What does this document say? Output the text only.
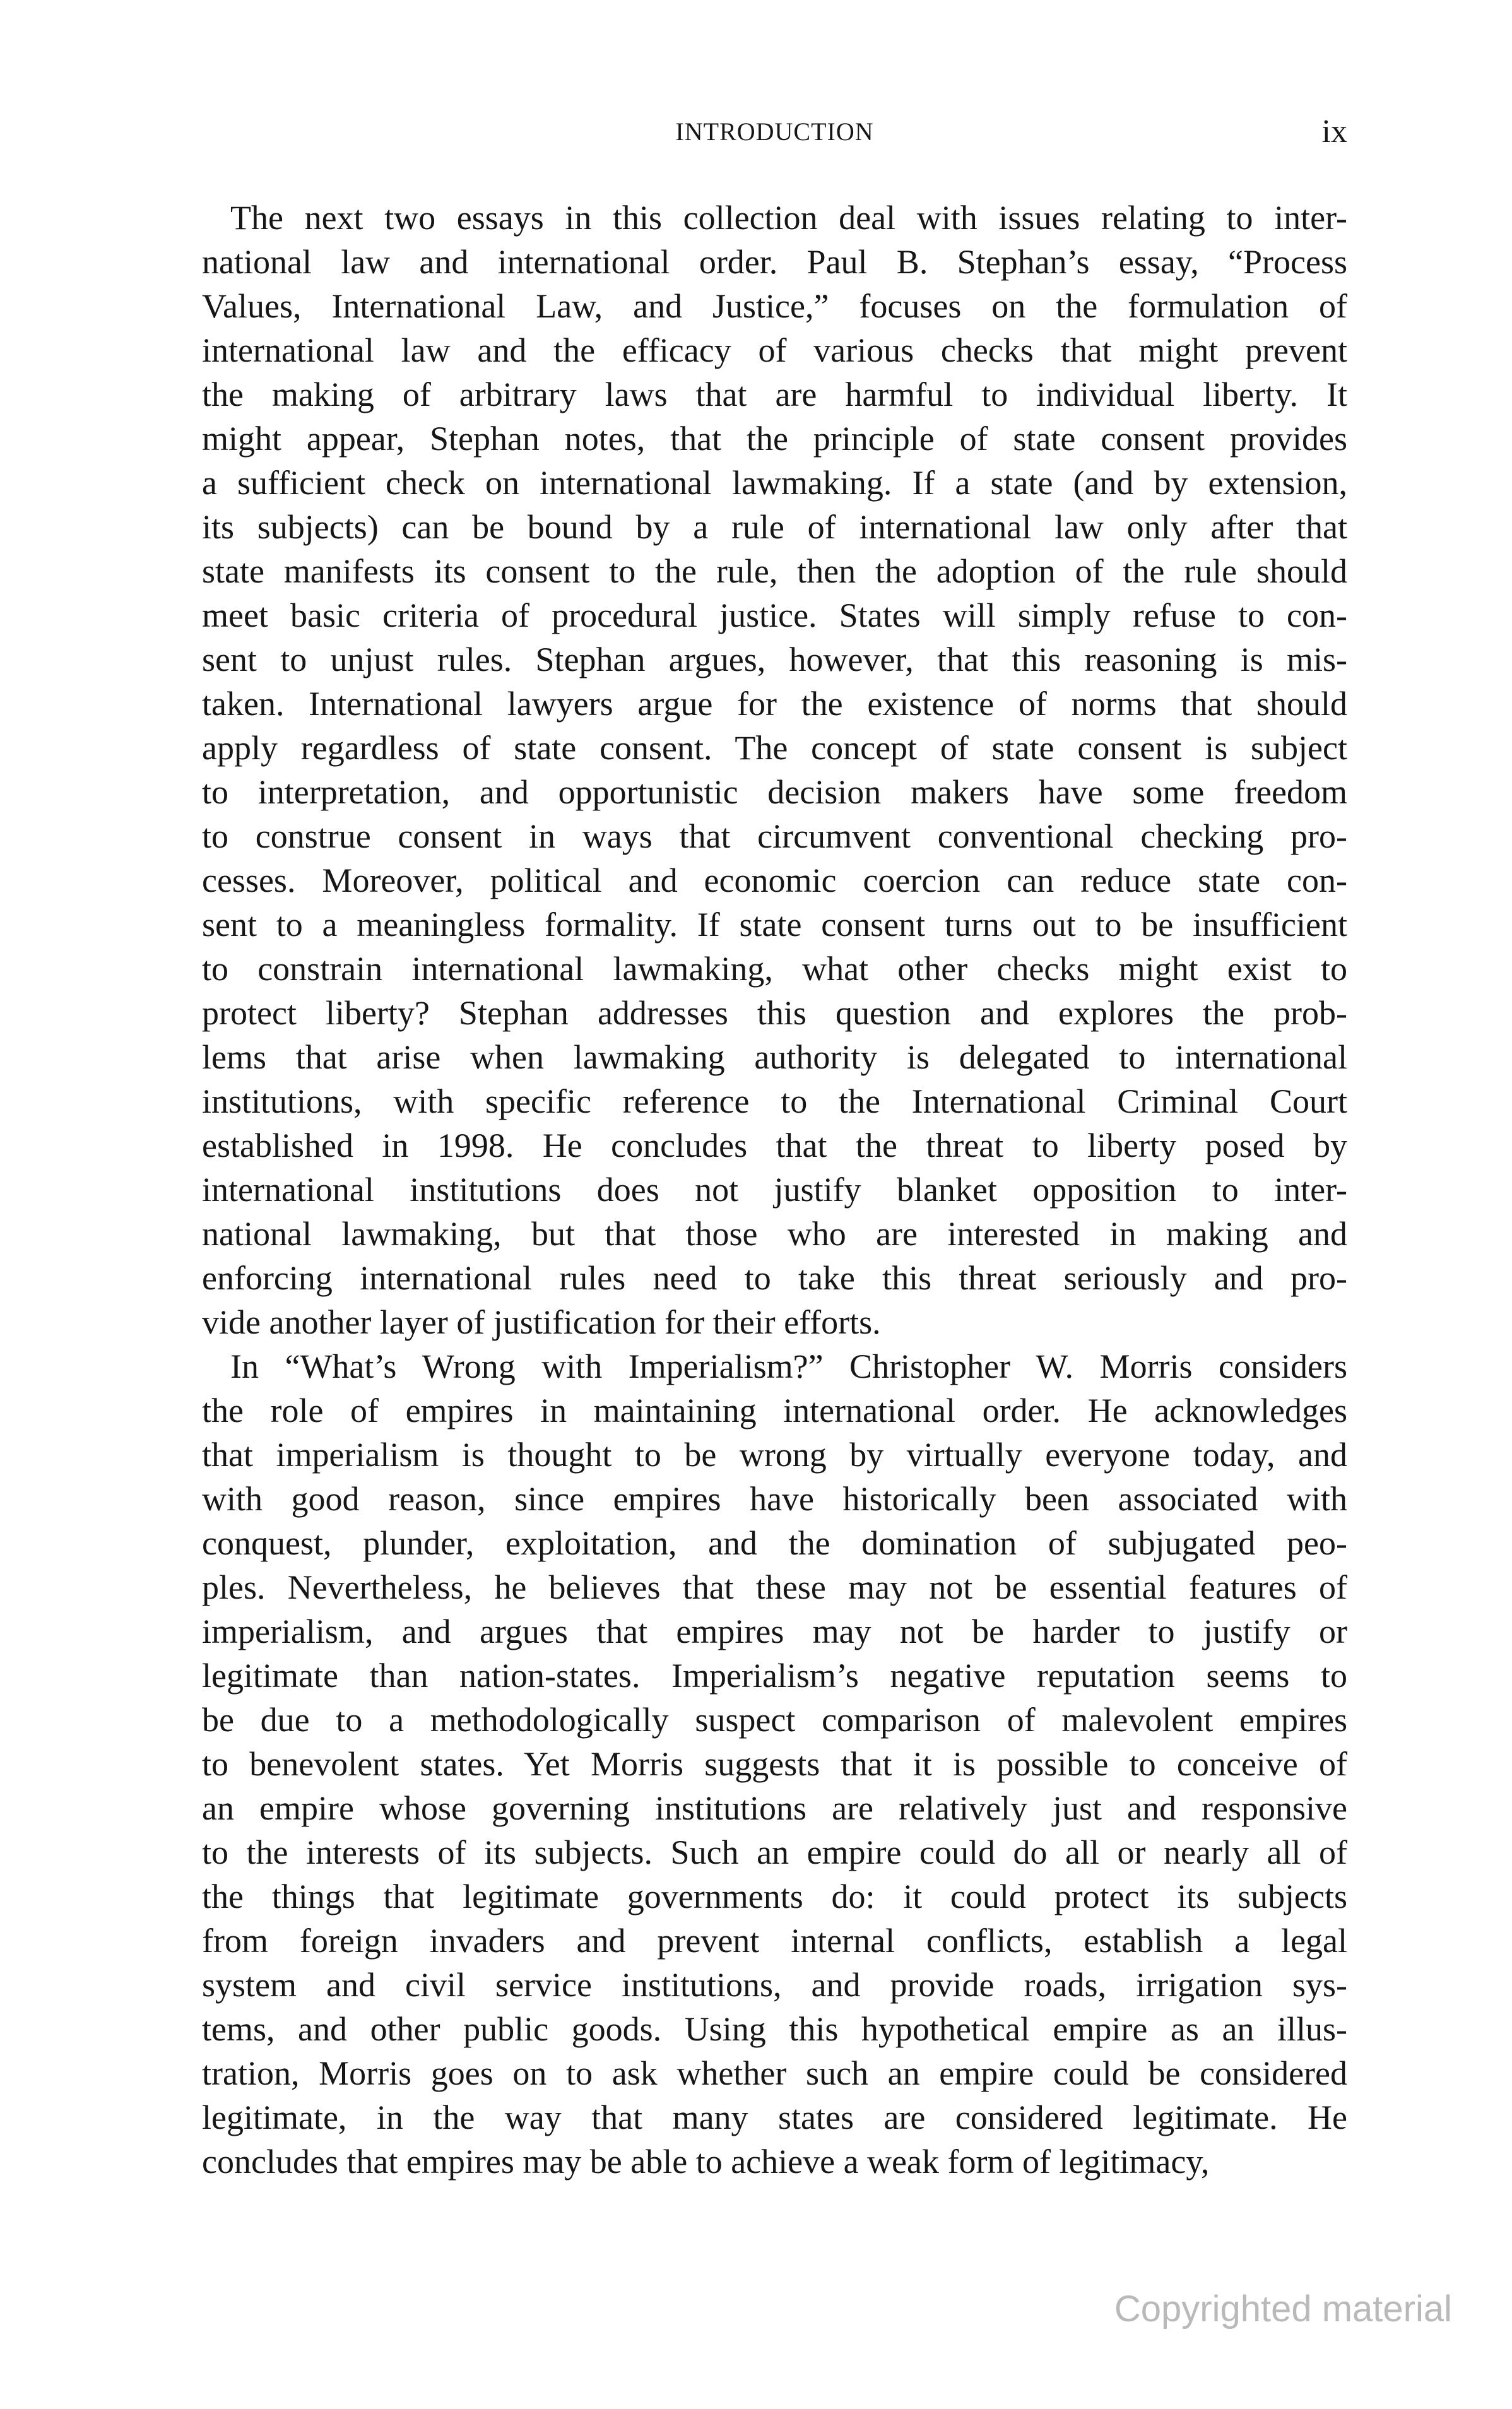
INTRODUCTION	ix
The next two essays in this collection deal with issues relating to inter-
national law and international order. Paul B. Stephan’s essay, “Process
Values, International Law, and Justice,” focuses on the formulation of
international law and the efficacy of various checks that might prevent
the making of arbitrary laws that are harmful to individual liberty. It
might appear, Stephan notes, that the principle of state consent provides
a sufficient check on international lawmaking. If a state (and by extension,
its subjects) can be bound by a rule of international law only after that
state manifests its consent to the rule, then the adoption of the rule should
meet basic criteria of procedural justice. States will simply refuse to con-
sent to unjust rules. Stephan argues, however, that this reasoning is mis-
taken. International lawyers argue for the existence of norms that should
apply regardless of state consent. The concept of state consent is subject
to interpretation, and opportunistic decision makers have some freedom
to construe consent in ways that circumvent conventional checking pro-
cesses. Moreover, political and economic coercion can reduce state con-
sent to a meaningless formality. If state consent turns out to be insufficient
to constrain international lawmaking, what other checks might exist to
protect liberty? Stephan addresses this question and explores the prob-
lems that arise when lawmaking authority is delegated to international
institutions, with specific reference to the International Criminal Court
established in 1998. He concludes that the threat to liberty posed by
international institutions does not justify blanket opposition to inter-
national lawmaking, but that those who are interested in making and
enforcing international rules need to take this threat seriously and pro-
vide another layer of justification for their efforts.
In “What’s Wrong with Imperialism?” Christopher W. Morris considers
the role of empires in maintaining international order. He acknowledges
that imperialism is thought to be wrong by virtually everyone today, and
with good reason, since empires have historically been associated with
conquest, plunder, exploitation, and the domination of subjugated peo-
ples. Nevertheless, he believes that these may not be essential features of
imperialism, and argues that empires may not be harder to justify or
legitimate than nation-states. Imperialism’s negative reputation seems to
be due to a methodologically suspect comparison of malevolent empires
to benevolent states. Yet Morris suggests that it is possible to conceive of
an empire whose governing institutions are relatively just and responsive
to the interests of its subjects. Such an empire could do all or nearly all of
the things that legitimate governments do: it could protect its subjects
from foreign invaders and prevent internal conflicts, establish a legal
system and civil service institutions, and provide roads, irrigation sys-
tems, and other public goods. Using this hypothetical empire as an illus-
tration, Morris goes on to ask whether such an empire could be considered
legitimate, in the way that many states are considered legitimate. He
concludes that empires may be able to achieve a weak form of legitimacy,
Copyrighted material
